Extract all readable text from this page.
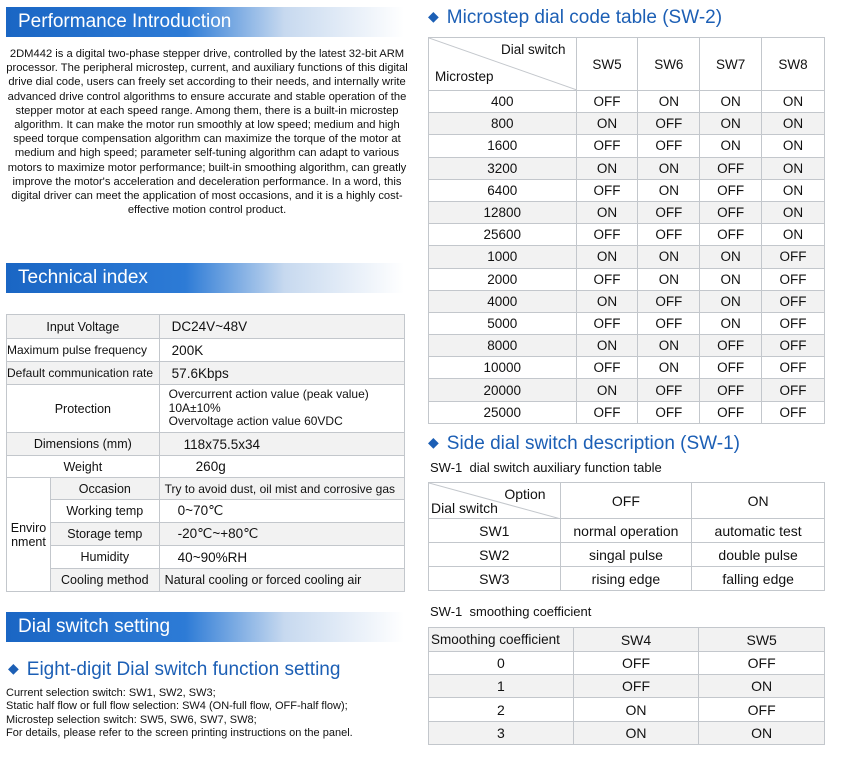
Performance Introduction
2DM442 is a digital two-phase stepper drive, controlled by the latest 32-bit ARM processor. The peripheral microstep, current, and auxiliary functions of this digital drive dial code, users can freely set according to their needs, and internally write advanced drive control algorithms to ensure accurate and stable operation of the stepper motor at each speed range. Among them, there is a built-in microstep algorithm. It can make the motor run smoothly at low speed; medium and high speed torque compensation algorithm can maximize the torque of the motor at medium and high speed; parameter self-tuning algorithm can adapt to various motors to maximize motor performance; built-in smoothing algorithm, can greatly improve the motor's acceleration and deceleration performance. In a word, this digital driver can meet the application of most occasions, and it is a highly cost-effective motion control product.
Technical index
Input Voltage		DC24V~48V
Maximum pulse frequency		200K
Default communication rate		57.6Kbps
Protection		Overcurrent action value (peak value)
10A±10%
Overvoltage action value 60VDC

Dimensions (mm)		118x75.5x34
Weight		260g

Enviro
nment	Occasion	Try to avoid dust, oil mist and corrosive gas
	Working temp	0~70℃
	Storage temp	-20℃~+80℃
	Humidity	40~90%RH
	Cooling method	Natural cooling or forced cooling air
Dial switch setting
◆ Eight-digit Dial switch function setting
Current selection switch: SW1, SW2, SW3;
Static half flow or full flow selection: SW4 (ON-full flow, OFF-half flow);
Microstep selection switch: SW5, SW6, SW7, SW8;
For details, please refer to the screen printing instructions on the panel.
◆ Microstep dial code table (SW-2)
Dial switch
Microstep	SW5	SW6	SW7	SW8
400	OFF	ON	ON	ON
800	ON	OFF	ON	ON
1600	OFF	OFF	ON	ON
3200	ON	ON	OFF	ON
6400	OFF	ON	OFF	ON
12800	ON	OFF	OFF	ON
25600	OFF	OFF	OFF	ON
1000	ON	ON	ON	OFF
2000	OFF	ON	ON	OFF
4000	ON	OFF	ON	OFF
5000	OFF	OFF	ON	OFF
8000	ON	ON	OFF	OFF
10000	OFF	ON	OFF	OFF
20000	ON	OFF	OFF	OFF
25000	OFF	OFF	OFF	OFF
◆ Side dial switch description (SW-1)
SW-1  dial switch auxiliary function table
Option
Dial switch	OFF	ON
SW1	normal operation	automatic test
SW2	singal pulse	double pulse
SW3	rising edge	falling edge
SW-1  smoothing coefficient
Smoothing coefficient	SW4	SW5
0	OFF	OFF
1	OFF	ON
2	ON	OFF
3	ON	ON
